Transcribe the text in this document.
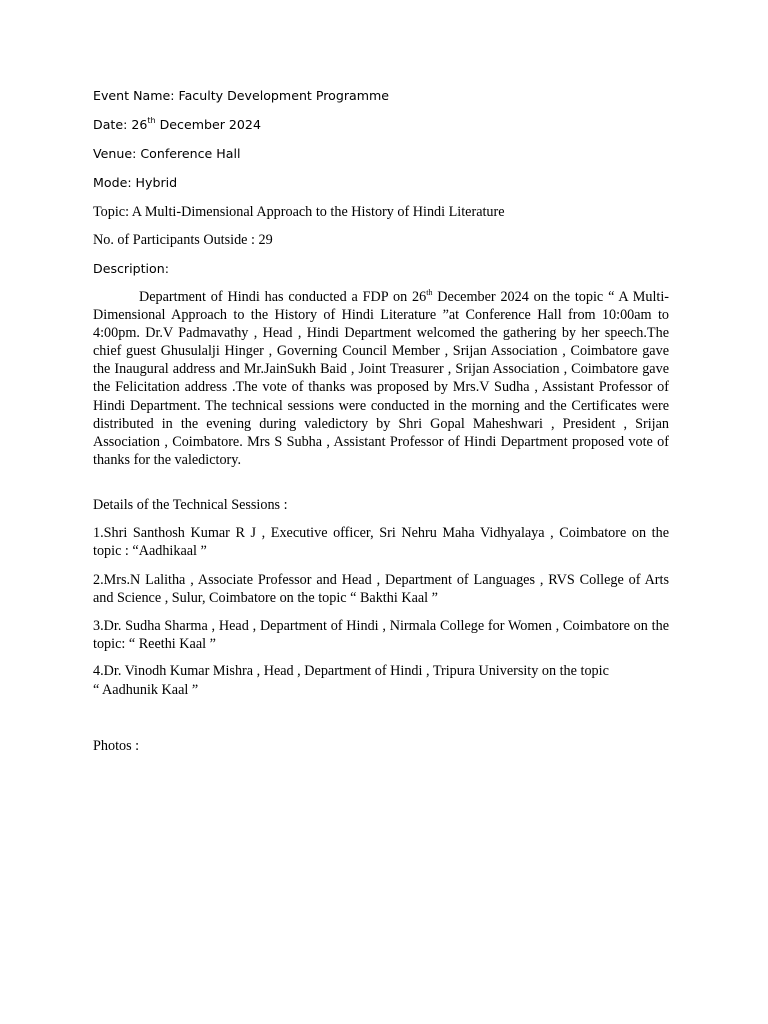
Event Name: Faculty Development Programme
Date: 26th December 2024
Venue: Conference Hall
Mode: Hybrid
Topic: A Multi-Dimensional Approach to the History of Hindi Literature
No. of Participants Outside : 29
Description:
Department of Hindi has conducted a FDP on 26th December 2024 on the topic “ A Multi-Dimensional Approach to the History of Hindi Literature ”at Conference Hall from 10:00am to 4:00pm. Dr.V Padmavathy , Head , Hindi Department welcomed the gathering by her speech.The chief guest Ghusulalji Hinger , Governing Council Member , Srijan Association , Coimbatore gave the Inaugural address and Mr.JainSukh Baid , Joint Treasurer , Srijan Association , Coimbatore gave the Felicitation address .The vote of thanks was proposed by Mrs.V Sudha , Assistant Professor of Hindi Department. The technical sessions were conducted in the morning and the Certificates were distributed in the evening during valedictory by Shri Gopal Maheshwari , President , Srijan Association , Coimbatore. Mrs S Subha , Assistant Professor of Hindi Department proposed vote of thanks for the valedictory.
Details of the Technical Sessions :
1.Shri Santhosh Kumar R J , Executive officer, Sri Nehru Maha Vidhyalaya , Coimbatore on the topic : “Aadhikaal ”
2.Mrs.N Lalitha , Associate Professor and Head , Department of Languages , RVS College of Arts and Science , Sulur, Coimbatore on the topic “ Bakthi Kaal ”
3.Dr. Sudha Sharma , Head , Department of Hindi , Nirmala College for Women , Coimbatore on the topic: “ Reethi Kaal ”
4.Dr. Vinodh Kumar Mishra , Head , Department of Hindi , Tripura University on the topic
“ Aadhunik Kaal ”
Photos :
